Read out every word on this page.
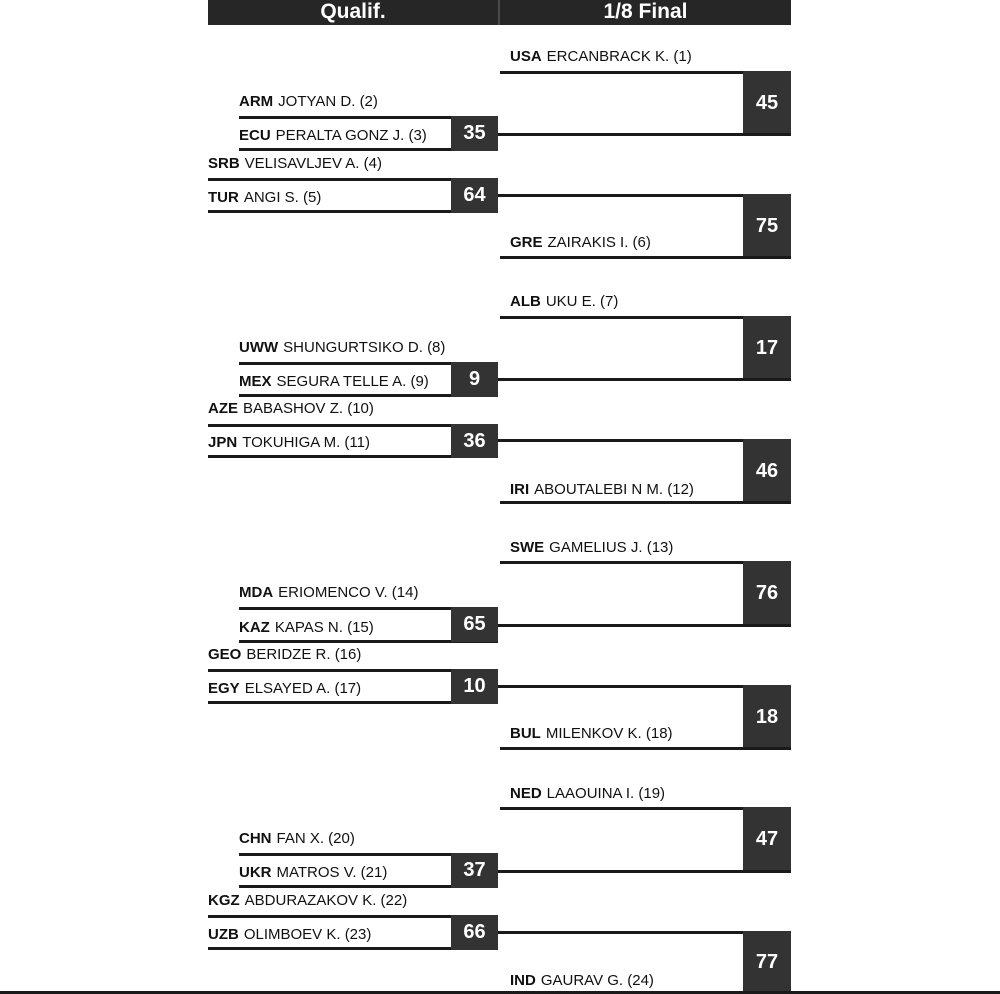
Qualif.	1/8 Final
USA ERCANBRACK K. (1)
45
ARM JOTYAN D. (2)
ECU PERALTA GONZ J. (3)	35
SRB VELISAVLJEV A. (4)
TUR ANGI S. (5)	64
75
GRE ZAIRAKIS I. (6)
ALB UKU E. (7)
17
UWW SHUNGURTSIKO D. (8)
MEX SEGURA TELLE A. (9)	9
AZE BABASHOV Z. (10)
JPN TOKUHIGA M. (11)	36
46
IRI ABOUTALEBI N M. (12)
SWE GAMELIUS J. (13)
76
MDA ERIOMENCO V. (14)
KAZ KAPAS N. (15)	65
GEO BERIDZE R. (16)
EGY ELSAYED A. (17)	10
18
BUL MILENKOV K. (18)
NED LAAOUINA I. (19)
47
CHN FAN X. (20)
UKR MATROS V. (21)	37
KGZ ABDURAZAKOV K. (22)
UZB OLIMBOEV K. (23)	66
77
IND GAURAV G. (24)
